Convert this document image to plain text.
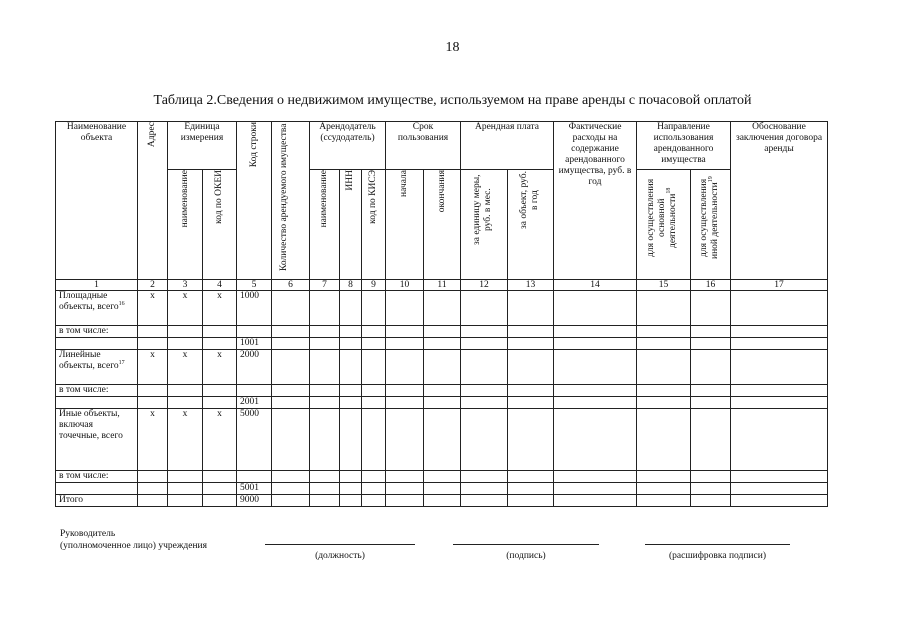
18
Таблица 2.Сведения о недвижимом имуществе, используемом на праве аренды с почасовой оплатой
Наименование объекта	Адрес	Единица измерения		Код строки	Количество арендуемого имущества	Арендодатель (ссудодатель)			Срок пользования		Арендная плата		Фактические расходы на содержание арендованного имущества, руб. в год	Направление использования арендованного имущества		Обоснование заключения договора аренды
		наименование	код по ОКЕИ			наименование	ИНН	код по КИСЭ	начала	окончания	за единицу меры, руб. в мес.	за объект, руб. в год		для осуществления основной деятельности$^{18}$	для осуществления иной деятельности$^{19}$
1	2	3	4	5	6	7	8	9	10	11	12	13	14	15	16	17
Площадные объекты, всего$^{16}$	x	x	x	1000												
в том числе:																
				1001												
Линейные объекты, всего$^{17}$	x	x	x	2000												
в том числе:																
				2001												
Иные объекты, включая точечные, всего	x	x	x	5000												
в том числе:																
				5001												
Итого				9000												
Руководитель
(уполномоченное лицо) учреждения
(должность)	(подпись)	(расшифровка подписи)
